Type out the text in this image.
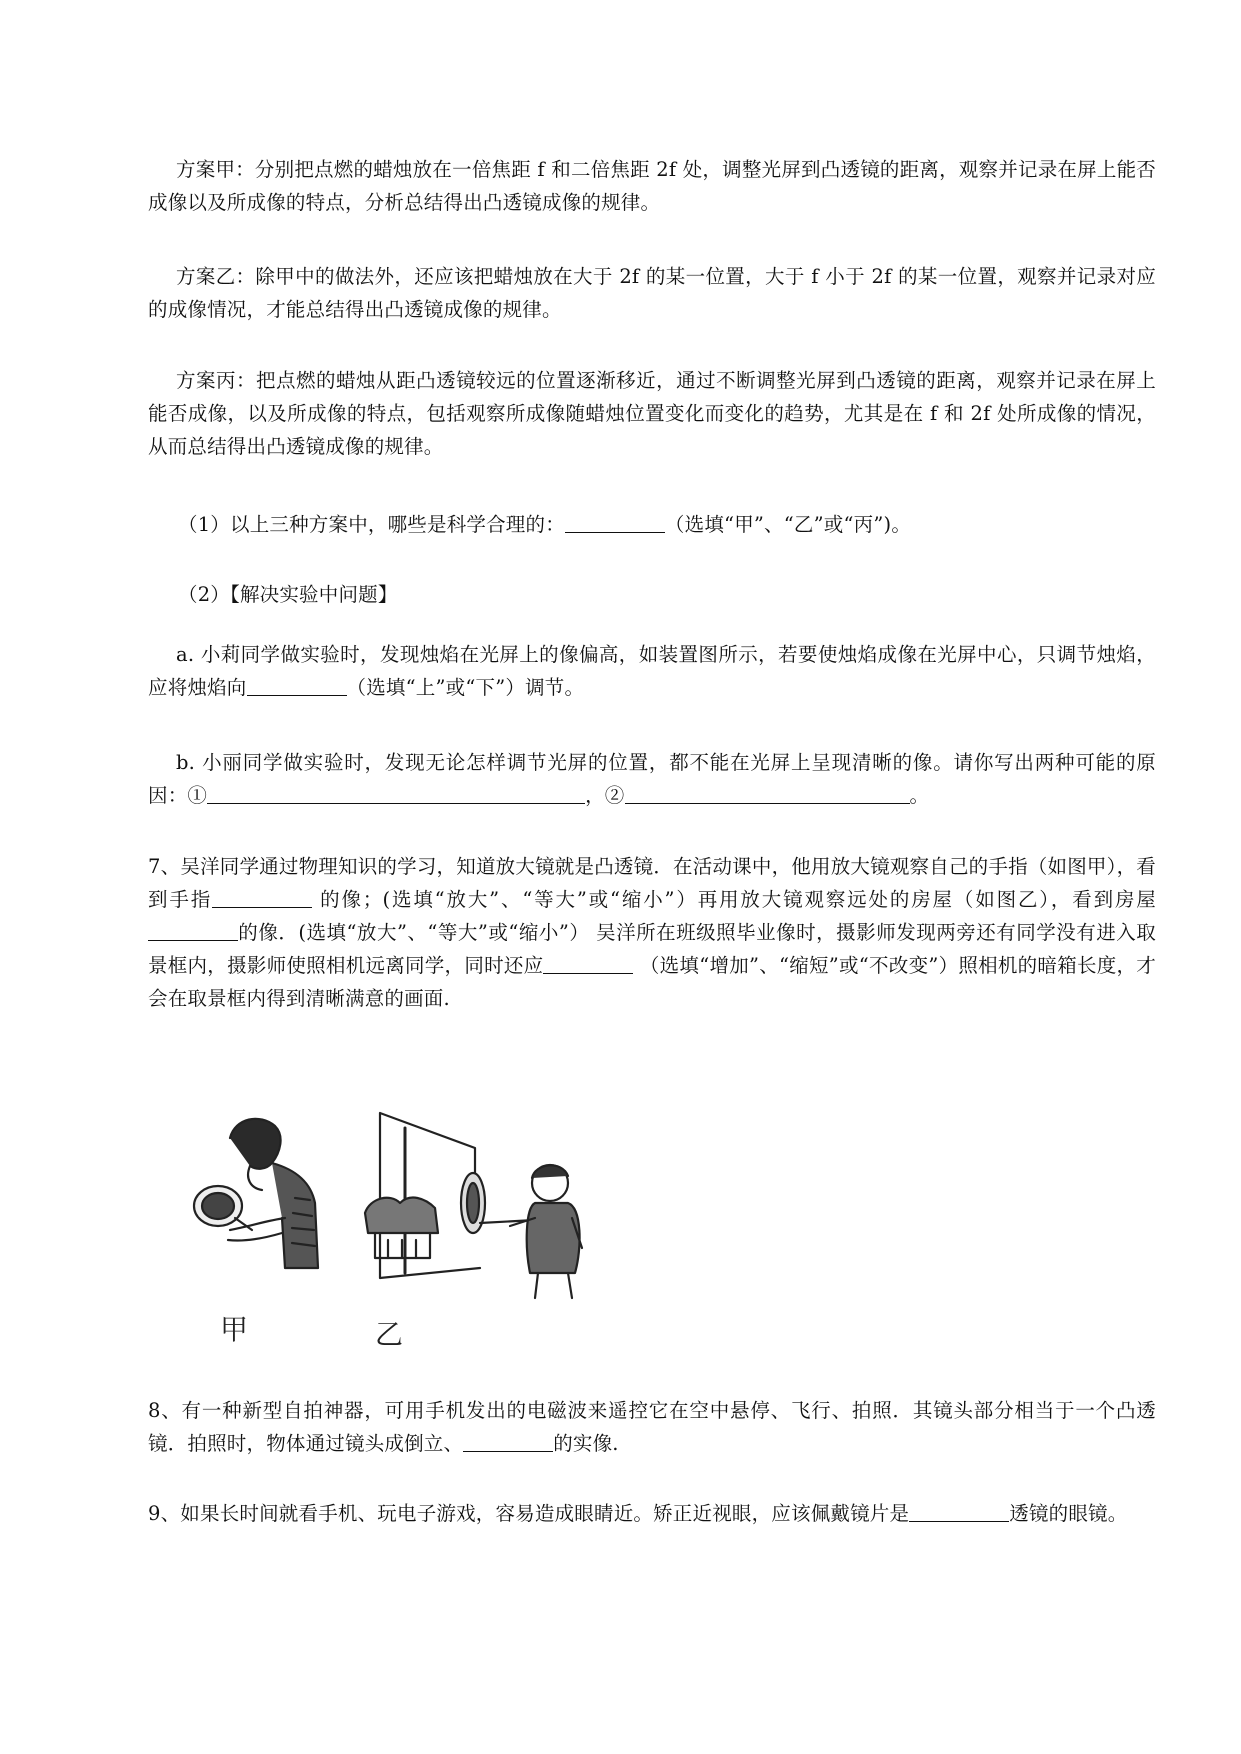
方案甲：分别把点燃的蜡烛放在一倍焦距 f 和二倍焦距 2f 处，调整光屏到凸透镜的距离，观察并记录在屏上能否成像以及所成像的特点，分析总结得出凸透镜成像的规律。

方案乙：除甲中的做法外，还应该把蜡烛放在大于 2f 的某一位置，大于 f 小于 2f 的某一位置，观察并记录对应的成像情况，才能总结得出凸透镜成像的规律。

方案丙：把点燃的蜡烛从距凸透镜较远的位置逐渐移近，通过不断调整光屏到凸透镜的距离，观察并记录在屏上能否成像，以及所成像的特点，包括观察所成像随蜡烛位置变化而变化的趋势，尤其是在 f 和 2f 处所成像的情况，从而总结得出凸透镜成像的规律。

（1）以上三种方案中，哪些是科学合理的：	（选填“甲”、“乙”或“丙”)。

（2）【解决实验中问题】

a. 小莉同学做实验时，发现烛焰在光屏上的像偏高，如装置图所示，若要使烛焰成像在光屏中心，只调节烛焰，应将烛焰向	（选填“上”或“下”）调节。

b. 小丽同学做实验时，发现无论怎样调节光屏的位置，都不能在光屏上呈现清晰的像。请你写出两种可能的原因：①	，②	。

7、吴洋同学通过物理知识的学习，知道放大镜就是凸透镜．在活动课中，他用放大镜观察自己的手指（如图甲），看到手指	的像；(选填“放大”、“等大”或“缩小”）再用放大镜观察远处的房屋（如图乙），看到房屋的像．(选填“放大”、“等大”或“缩小”） 吴洋所在班级照毕业像时，摄影师发现两旁还有同学没有进入取景框内，摄影师使照相机远离同学，同时还应	（选填“增加”、“缩短”或“不改变”）照相机的暗箱长度，才会在取景框内得到清晰满意的画面.

甲	乙

8、有一种新型自拍神器，可用手机发出的电磁波来遥控它在空中悬停、飞行、拍照．其镜头部分相当于一个凸透镜．拍照时，物体通过镜头成倒立、	的实像.

9、如果长时间就看手机、玩电子游戏，容易造成眼睛近。矫正近视眼，应该佩戴镜片是	透镜的眼镜。
